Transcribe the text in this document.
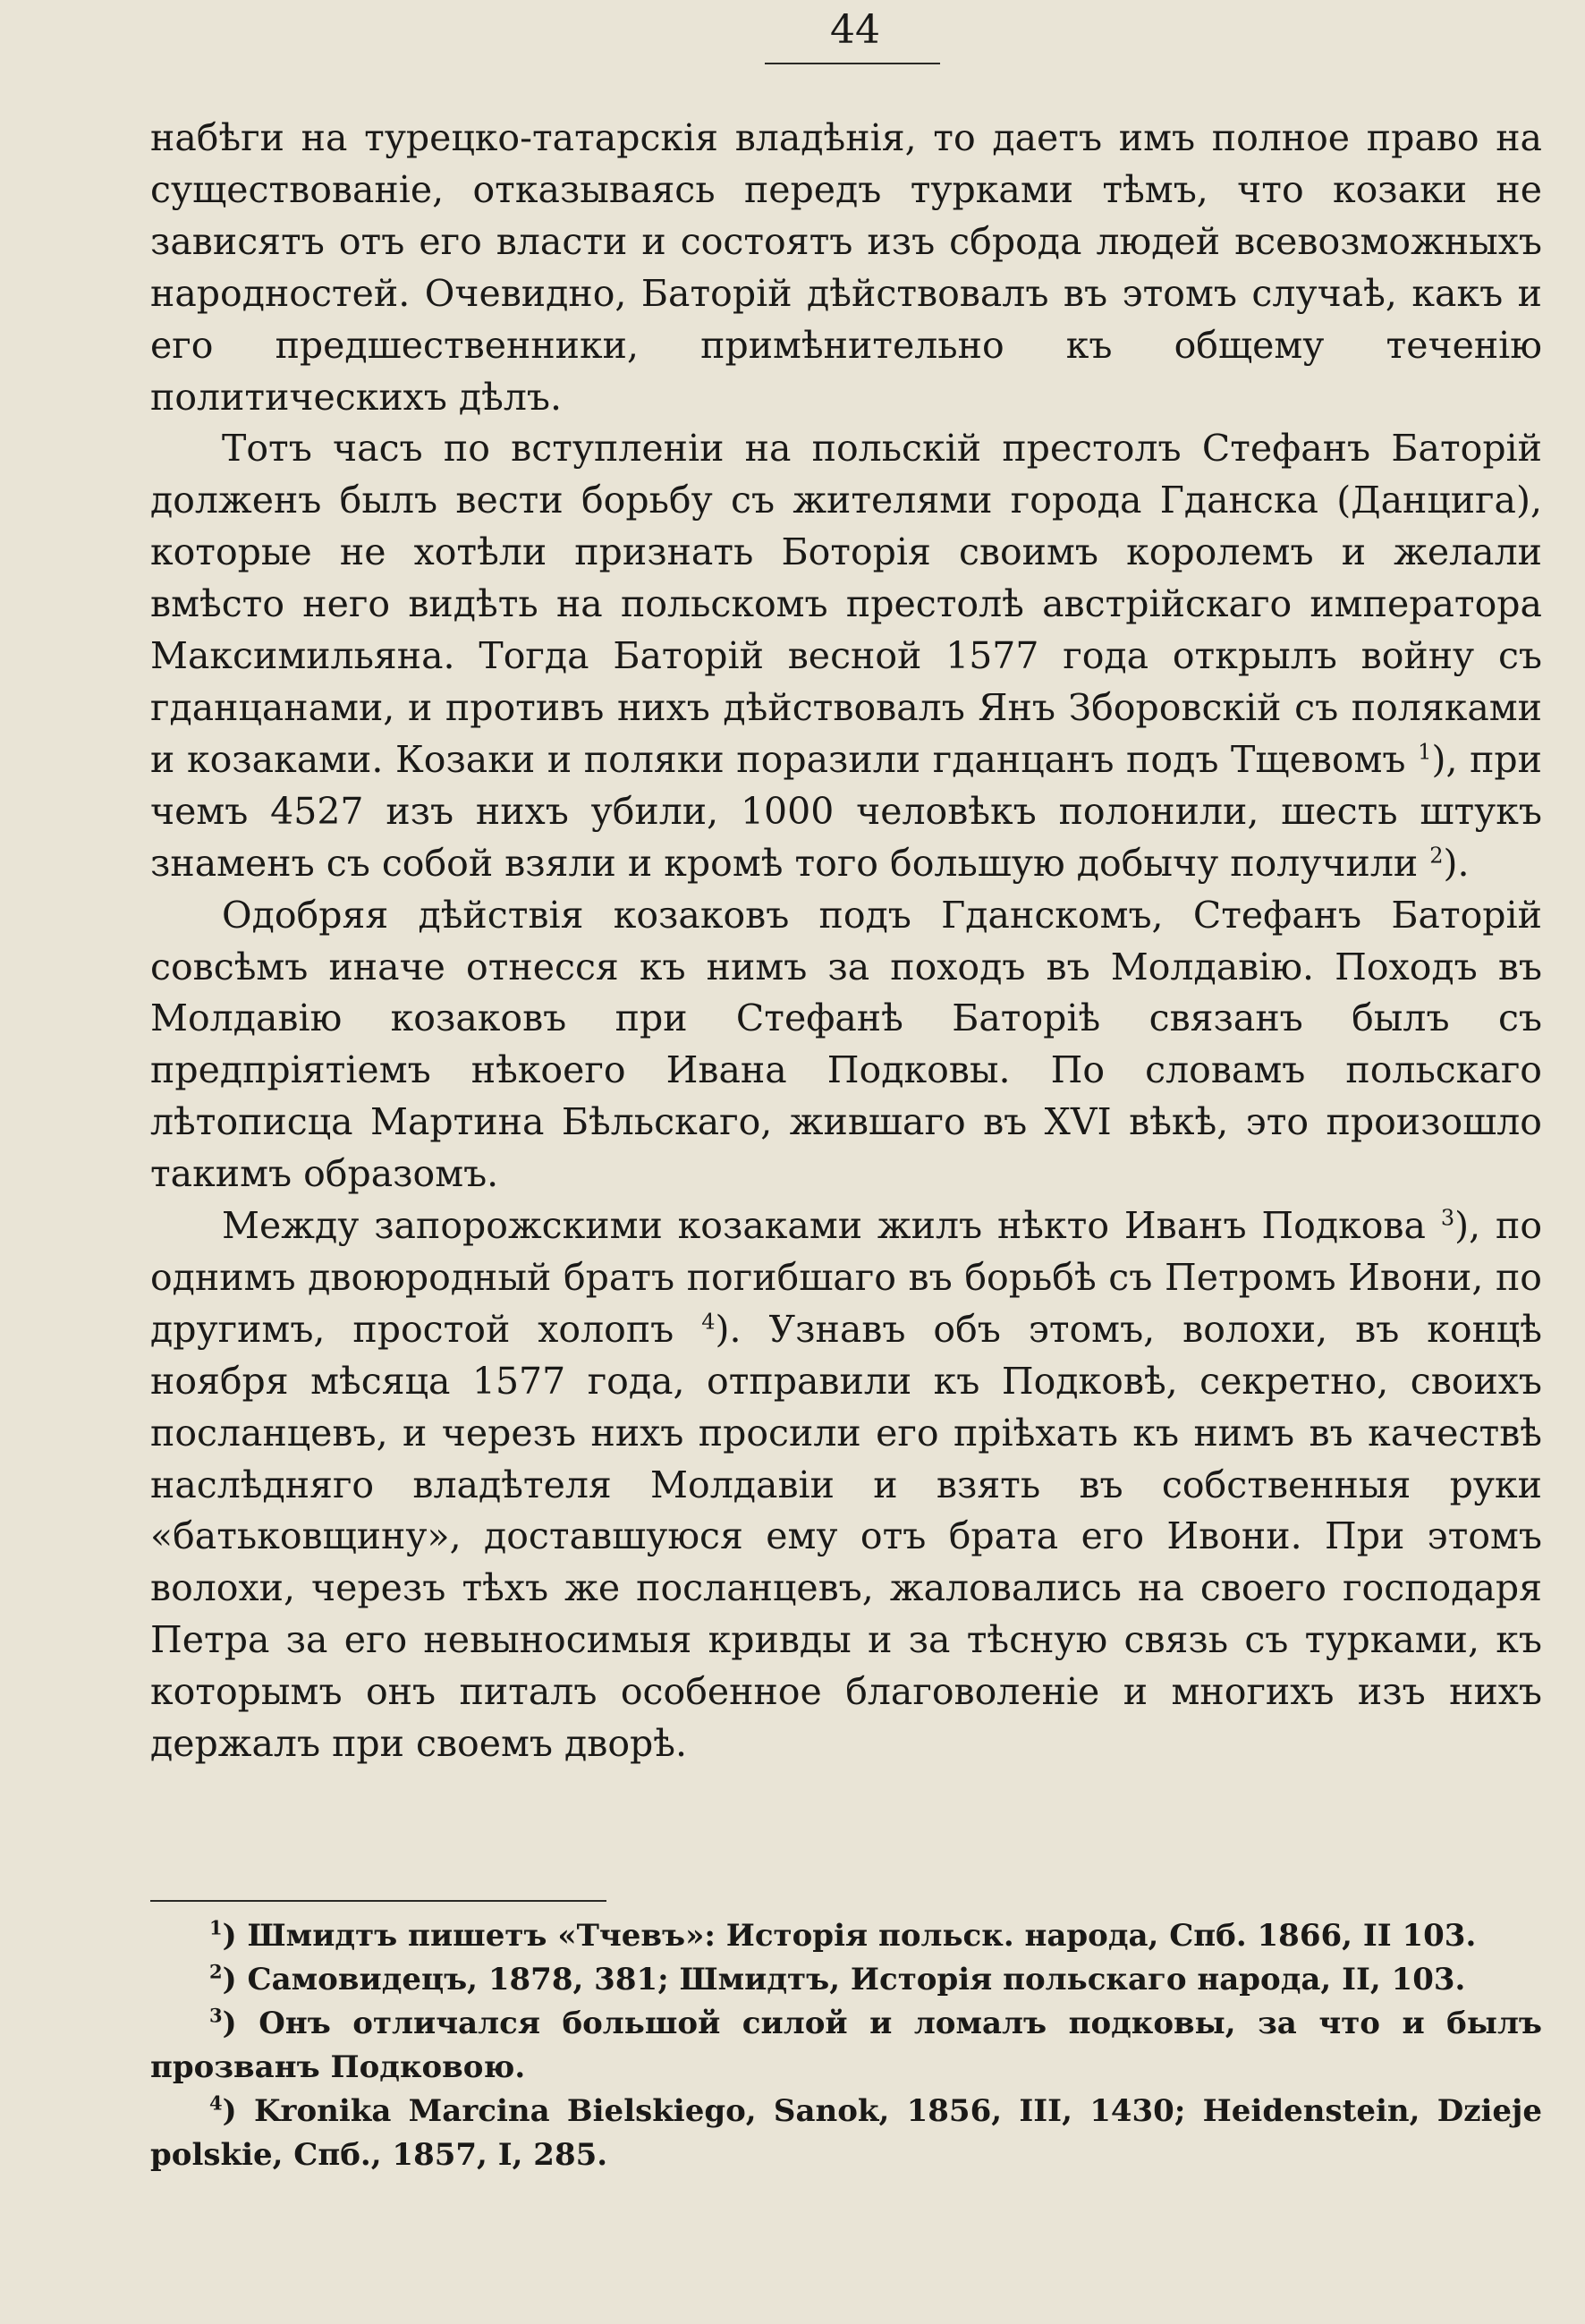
44

набѣги на турецко-татарскія владѣнія, то даетъ имъ полное право на существованіе, отказываясь передъ турками тѣмъ, что козаки не зависятъ отъ его власти и состоятъ изъ сброда людей всевозможныхъ народностей. Очевидно, Баторій дѣйствовалъ въ этомъ случаѣ, какъ и его предшественники, примѣнительно къ общему теченію политическихъ дѣлъ.

Тотъ часъ по вступленіи на польскій престолъ Стефанъ Баторій долженъ былъ вести борьбу съ жителями города Гданска (Данцига), которые не хотѣли признать Боторія своимъ королемъ и желали вмѣсто него видѣть на польскомъ престолѣ австрійскаго императора Максимильяна. Тогда Баторій весной 1577 года открылъ войну съ гданцанами, и противъ нихъ дѣйствовалъ Янъ Зборовскій съ поляками и козаками. Козаки и поляки поразили гданцанъ подъ Тщевомъ $^1$), при чемъ 4527 изъ нихъ убили, 1000 человѣкъ полонили, шесть штукъ знаменъ съ собой взяли и кромѣ того большую добычу получили $^2$).

Одобряя дѣйствія козаковъ подъ Гданскомъ, Стефанъ Баторій совсѣмъ иначе отнесся къ нимъ за походъ въ Молдавію. Походъ въ Молдавію козаковъ при Стефанѣ Баторіѣ связанъ былъ съ предпріятіемъ нѣкоего Ивана Подковы. По словамъ польскаго лѣтописца Мартина Бѣльскаго, жившаго въ XVI вѣкѣ, это произошло такимъ образомъ.

Между запорожскими козаками жилъ нѣкто Иванъ Подкова $^3$), по однимъ двоюродный братъ погибшаго въ борьбѣ съ Петромъ Ивони, по другимъ, простой холопъ $^4$). Узнавъ объ этомъ, волохи, въ концѣ ноября мѣсяца 1577 года, отправили къ Подковѣ, секретно, своихъ посланцевъ, и черезъ нихъ просили его пріѣхать къ нимъ въ качествѣ наслѣдняго владѣтеля Молдавіи и взять въ собственныя руки «батьковщину», доставшуюся ему отъ брата его Ивони. При этомъ волохи, черезъ тѣхъ же посланцевъ, жаловались на своего господаря Петра за его невыносимыя кривды и за тѣсную связь съ турками, къ которымъ онъ питалъ особенное благоволеніе и многихъ изъ нихъ держалъ при своемъ дворѣ.

$^1$) Шмидтъ пишетъ «Тчевъ»: Исторія польск. народа, Спб. 1866, II 103.

$^2$) Самовидецъ, 1878, 381; Шмидтъ, Исторія польскаго народа, II, 103.

$^3$) Онъ отличался большой силой и ломалъ подковы, за что и былъ прозванъ Подковою.

$^4$) Kronika Marcina Bielskiego, Sanok, 1856, III, 1430; Heidenstein, Dzieje polskie, Спб., 1857, I, 285.
